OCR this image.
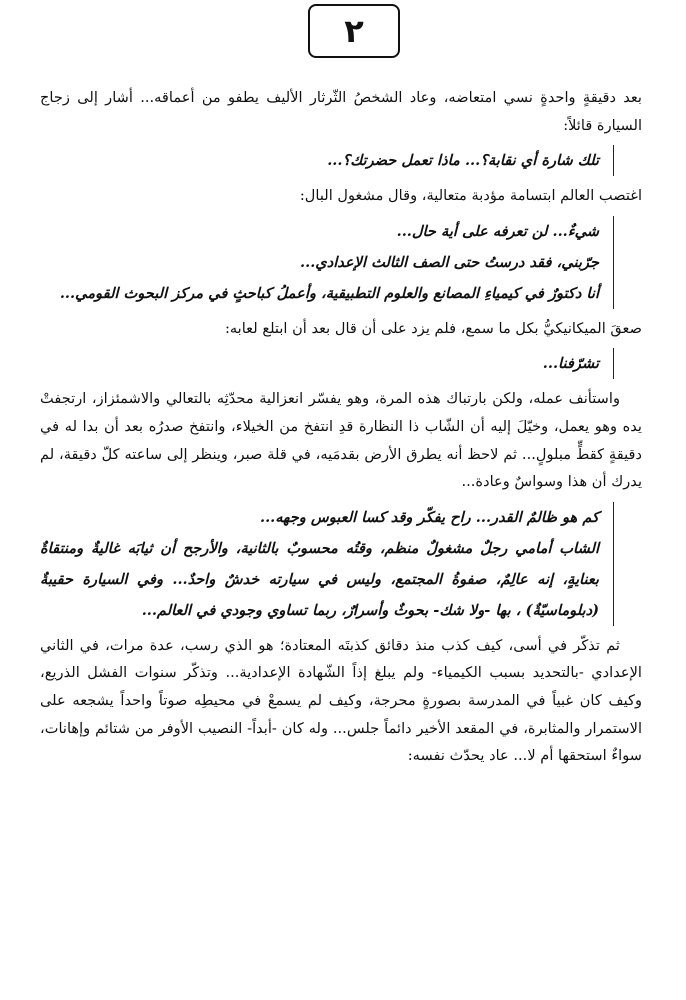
٢

بعد دقيقةٍ واحدةٍ نسي امتعاضه، وعاد الشخصُ الثّرثار الأليف يطفو من أعماقه... أشار إلى زجاج السيارة قائلاً:

تلك شارة أي نقابة؟... ماذا تعمل حضرتك؟...

اغتصب العالم ابتسامة مؤدبة متعالية، وقال مشغول البال:

شيءٌ... لن تعرفه على أية حال...

جرّبني، فقد درستُ حتى الصف الثالث الإعدادي...

أنا دكتورٌ في كيمياءِ المصانع والعلوم التطبيقية، وأعملُ كباحثٍ في مركز البحوث القومي...

صعقَ الميكانيكيُّ بكل ما سمع، فلم يزد على أن قال بعد أن ابتلع لعابه:

تشرّفنا...

واستأنف عمله، ولكن بارتباك هذه المرة، وهو يفسّر انعزالية محدّثِه بالتعالي والاشمئزاز، ارتجفتْ يده وهو يعمل، وخيّلَ إليه أن الشّاب ذا النظارة قدِ انتفخ من الخيلاء، وانتفخ صدرُه بعد أن بدا له في دقيقةٍ كقطٍّ مبلولٍ... ثم لاحظ أنه يطرق الأرض بقدمَيه، في قلة صبر، وينظر إلى ساعته كلّ دقيقة، لم يدرك أن هذا وسواسٌ وعادة...

كم هو ظالمٌ القدر... راح يفكّر وقد كسا العبوس وجهه...

الشاب أمامي رجلٌ مشغولٌ منظم، وقتُه محسوبٌ بالثانية، والأرجح أن ثيابَه غاليةٌ ومنتقاةٌ بعنايةٍ، إنه عالِمٌ، صفوةُ المجتمع، وليس في سيارته خدشٌ واحدٌ... وفي السيارة حقيبةٌ (دبلوماسيّةٌ) ، بها -ولا شك- بحوثٌ وأسرارٌ، ربما تساوي وجودي في العالم...

ثم تذكّر في أسى، كيف كذب منذ دقائق كذبتَه المعتادة؛ هو الذي رسب، عدة مرات، في الثاني الإعدادي -بالتحديد بسبب الكيمياء- ولم يبلغ إذاً الشّهادة الإعدادية... وتذكّر سنوات الفشل الذريع، وكيف كان غبياً في المدرسة بصورةٍ محرجة، وكيف لم يسمعْ في محيطِه صوتاً واحداً يشجعه على الاستمرار والمثابرة، في المقعد الأخير دائماً جلس... وله كان -أبداً- النصيب الأوفر من شتائم وإهانات، سواءٌ استحقها أم لا... عاد يحدّث نفسه:
